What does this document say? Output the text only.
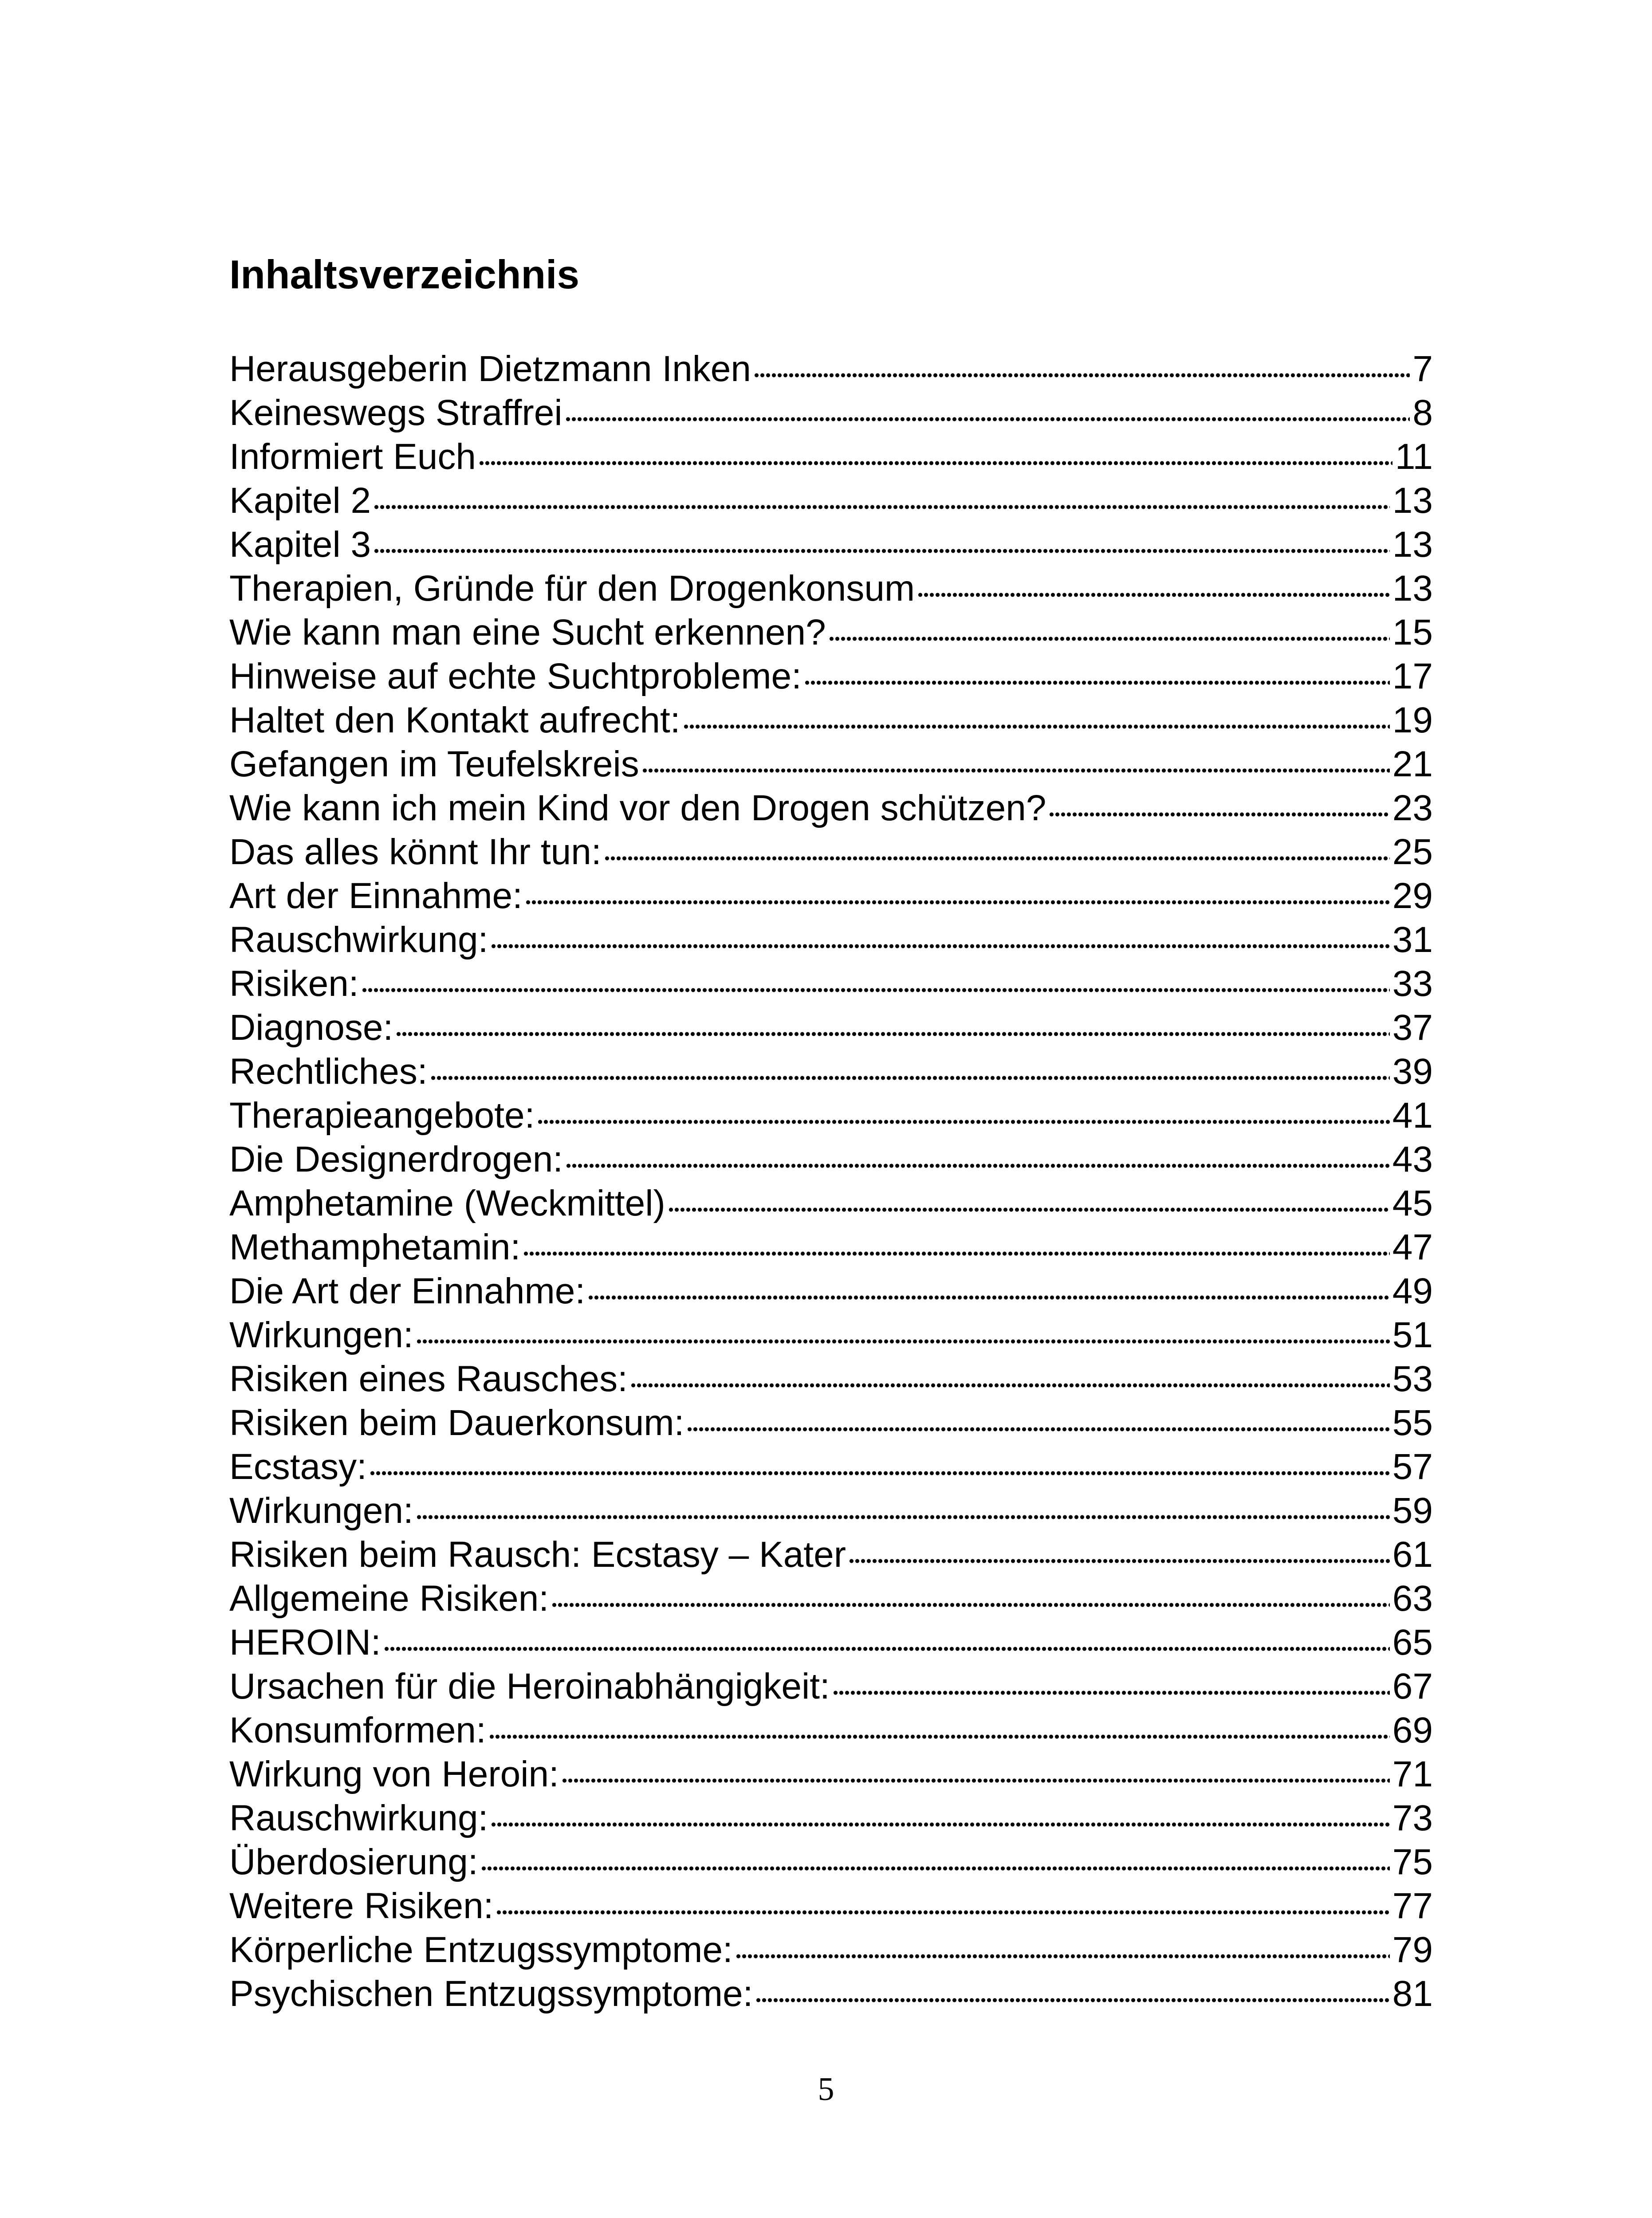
Inhaltsverzeichnis
Herausgeberin Dietzmann Inken	7
Keineswegs Straffrei	8
Informiert Euch	11
Kapitel 2	13
Kapitel 3	13
Therapien, Gründe für den Drogenkonsum	13
Wie kann man eine Sucht erkennen?	15
Hinweise auf echte Suchtprobleme:	17
Haltet den Kontakt aufrecht:	19
Gefangen im Teufelskreis	21
Wie kann ich mein Kind vor den Drogen schützen?	23
Das alles könnt Ihr tun:	25
Art der Einnahme:	29
Rauschwirkung:	31
Risiken:	33
Diagnose:	37
Rechtliches:	39
Therapieangebote:	41
Die Designerdrogen:	43
Amphetamine (Weckmittel)	45
Methamphetamin:	47
Die Art der Einnahme:	49
Wirkungen:	51
Risiken eines Rausches:	53
Risiken beim Dauerkonsum:	55
Ecstasy:	57
Wirkungen:	59
Risiken beim Rausch: Ecstasy – Kater	61
Allgemeine Risiken:	63
HEROIN:	65
Ursachen für die Heroinabhängigkeit:	67
Konsumformen:	69
Wirkung von Heroin:	71
Rauschwirkung:	73
Überdosierung:	75
Weitere Risiken:	77
Körperliche Entzugssymptome:	79
Psychischen Entzugssymptome:	81

5
